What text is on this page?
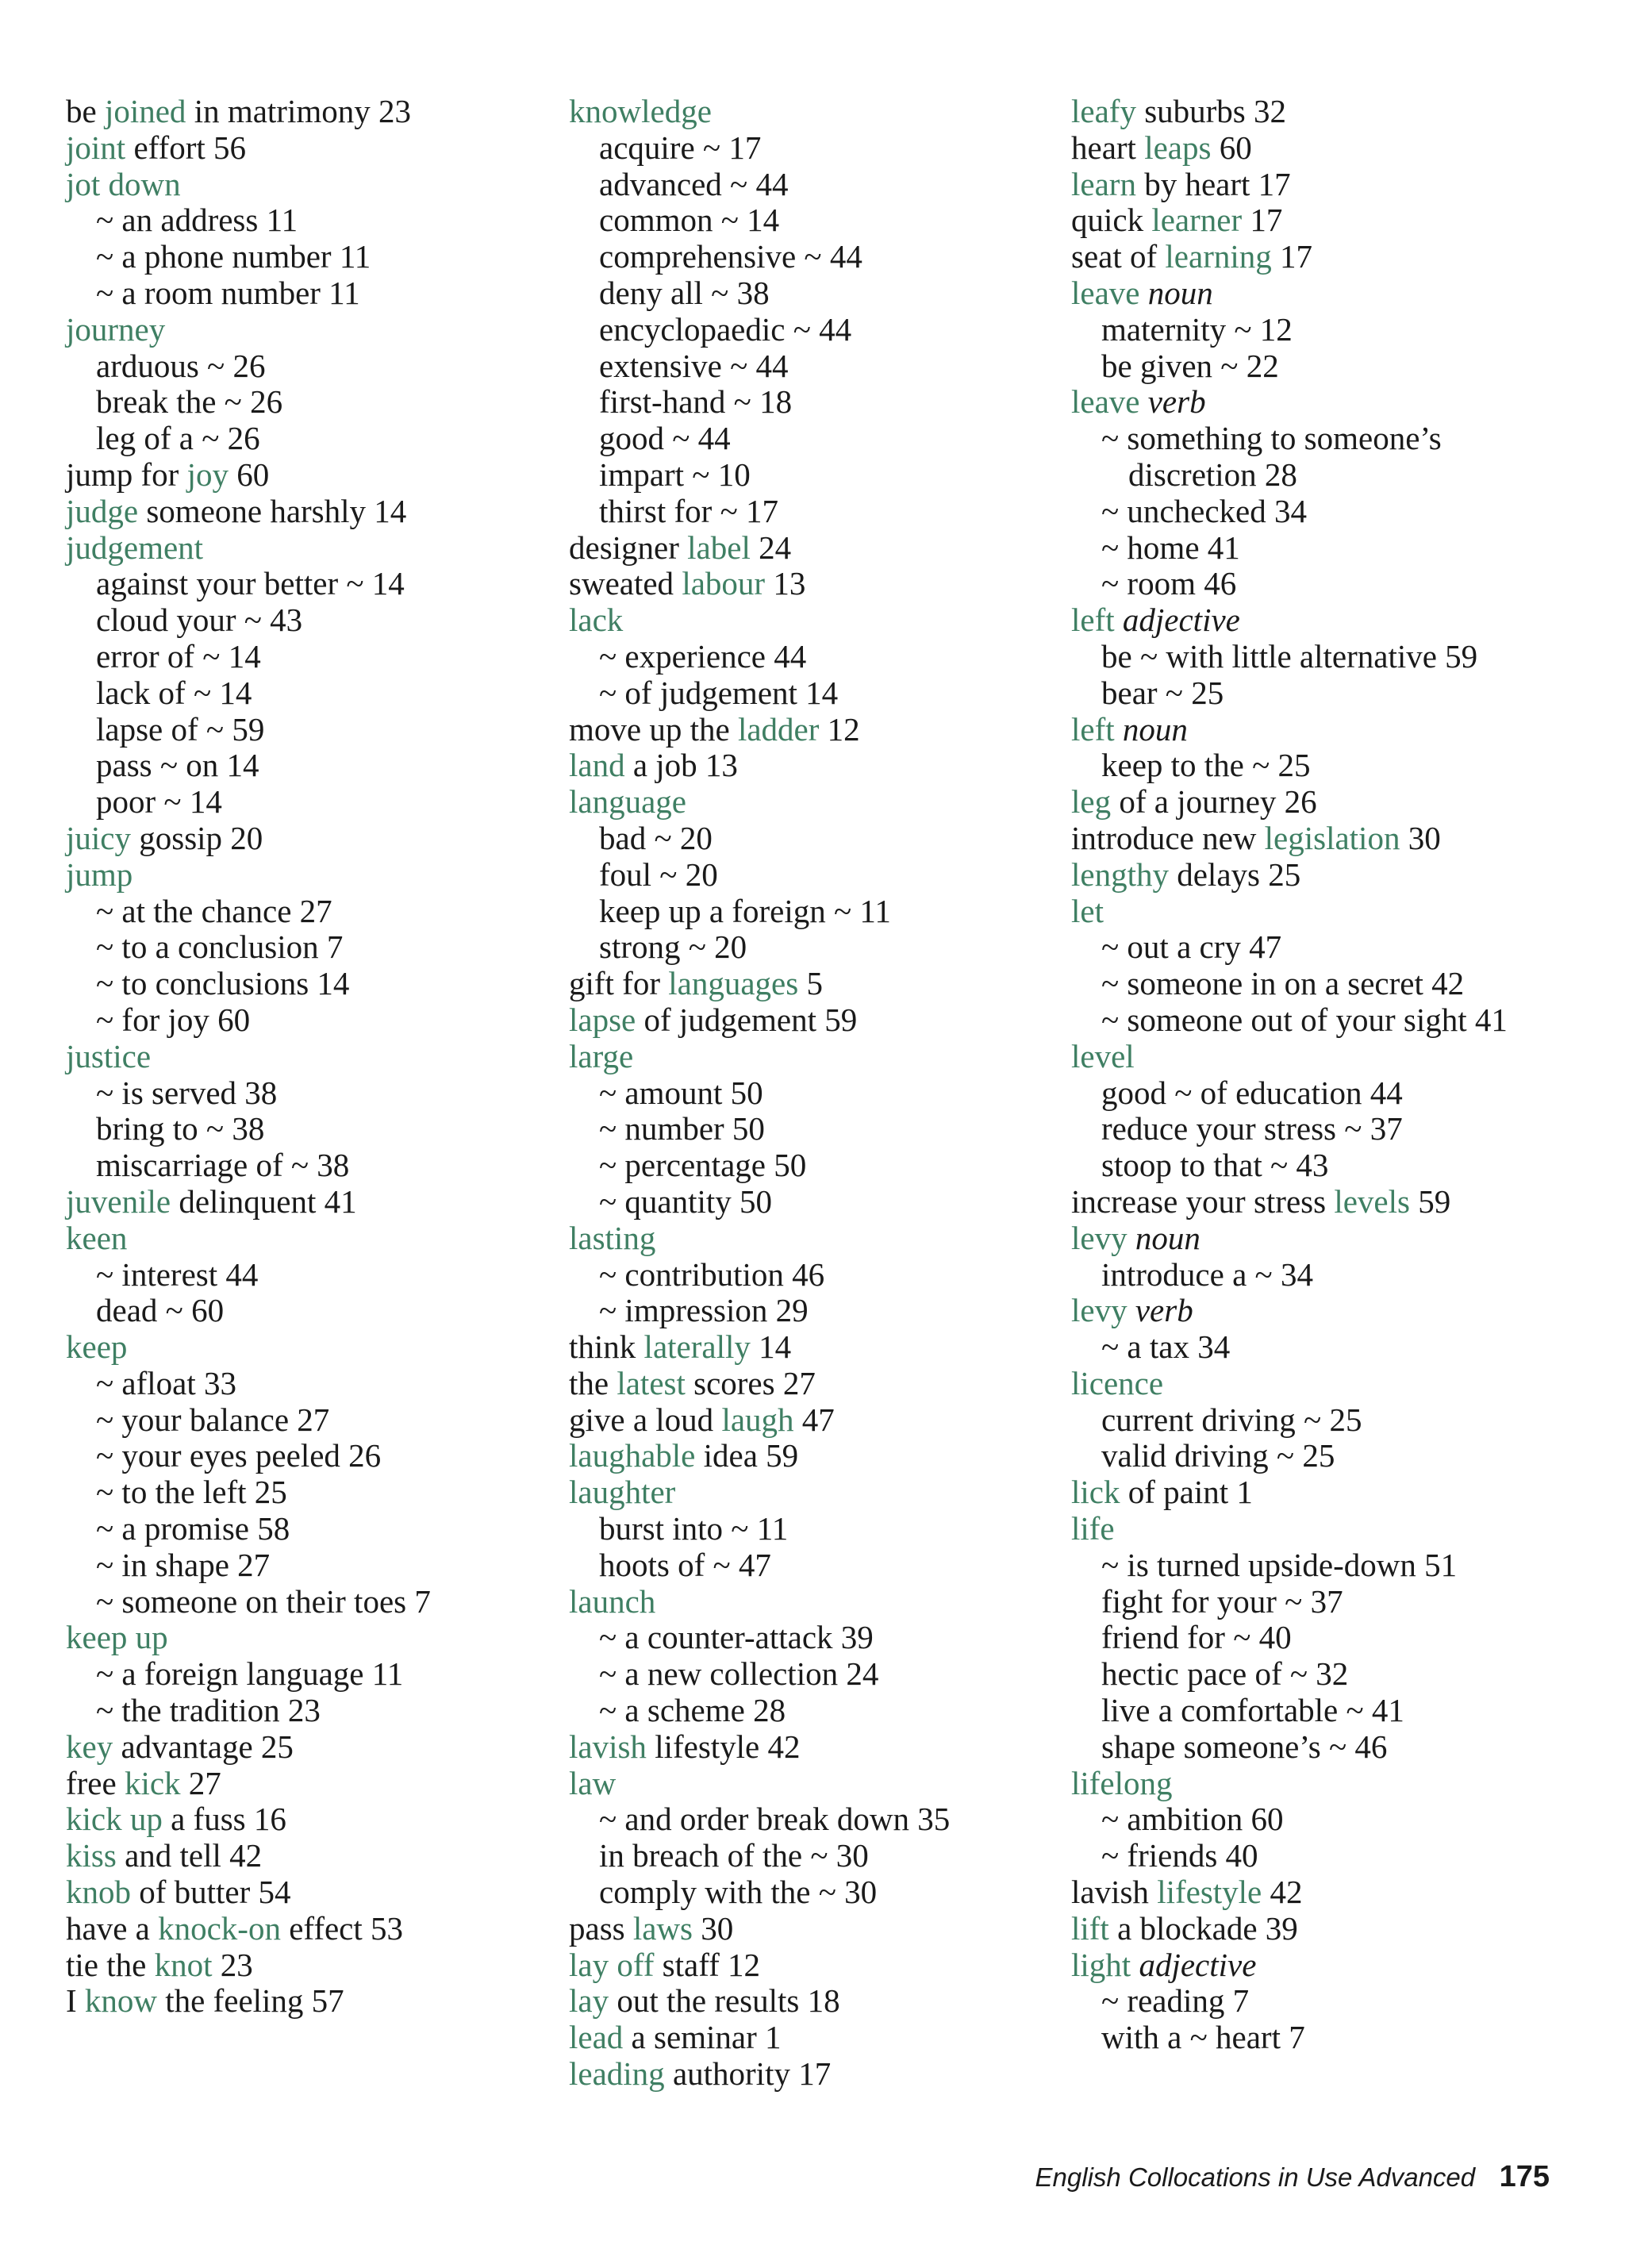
be joined in matrimony 23
joint effort 56
jot down
~ an address 11
~ a phone number 11
~ a room number 11
journey
arduous ~ 26
break the ~ 26
leg of a ~ 26
jump for joy 60
judge someone harshly 14
judgement
against your better ~ 14
cloud your ~ 43
error of ~ 14
lack of ~ 14
lapse of ~ 59
pass ~ on 14
poor ~ 14
juicy gossip 20
jump
~ at the chance 27
~ to a conclusion 7
~ to conclusions 14
~ for joy 60
justice
~ is served 38
bring to ~ 38
miscarriage of ~ 38
juvenile delinquent 41
keen
~ interest 44
dead ~ 60
keep
~ afloat 33
~ your balance 27
~ your eyes peeled 26
~ to the left 25
~ a promise 58
~ in shape 27
~ someone on their toes 7
keep up
~ a foreign language 11
~ the tradition 23
key advantage 25
free kick 27
kick up a fuss 16
kiss and tell 42
knob of butter 54
have a knock-on effect 53
tie the knot 23
I know the feeling 57
knowledge
acquire ~ 17
advanced ~ 44
common ~ 14
comprehensive ~ 44
deny all ~ 38
encyclopaedic ~ 44
extensive ~ 44
first-hand ~ 18
good ~ 44
impart ~ 10
thirst for ~ 17
designer label 24
sweated labour 13
lack
~ experience 44
~ of judgement 14
move up the ladder 12
land a job 13
language
bad ~ 20
foul ~ 20
keep up a foreign ~ 11
strong ~ 20
gift for languages 5
lapse of judgement 59
large
~ amount 50
~ number 50
~ percentage 50
~ quantity 50
lasting
~ contribution 46
~ impression 29
think laterally 14
the latest scores 27
give a loud laugh 47
laughable idea 59
laughter
burst into ~ 11
hoots of ~ 47
launch
~ a counter-attack 39
~ a new collection 24
~ a scheme 28
lavish lifestyle 42
law
~ and order break down 35
in breach of the ~ 30
comply with the ~ 30
pass laws 30
lay off staff 12
lay out the results 18
lead a seminar 1
leading authority 17
leafy suburbs 32
heart leaps 60
learn by heart 17
quick learner 17
seat of learning 17
leave noun
maternity ~ 12
be given ~ 22
leave verb
~ something to someone’s
discretion 28
~ unchecked 34
~ home 41
~ room 46
left adjective
be ~ with little alternative 59
bear ~ 25
left noun
keep to the ~ 25
leg of a journey 26
introduce new legislation 30
lengthy delays 25
let
~ out a cry 47
~ someone in on a secret 42
~ someone out of your sight 41
level
good ~ of education 44
reduce your stress ~ 37
stoop to that ~ 43
increase your stress levels 59
levy noun
introduce a ~ 34
levy verb
~ a tax 34
licence
current driving ~ 25
valid driving ~ 25
lick of paint 1
life
~ is turned upside-down 51
fight for your ~ 37
friend for ~ 40
hectic pace of ~ 32
live a comfortable ~ 41
shape someone’s ~ 46
lifelong
~ ambition 60
~ friends 40
lavish lifestyle 42
lift a blockade 39
light adjective
~ reading 7
with a ~ heart 7
English Collocations in Use Advanced 175
